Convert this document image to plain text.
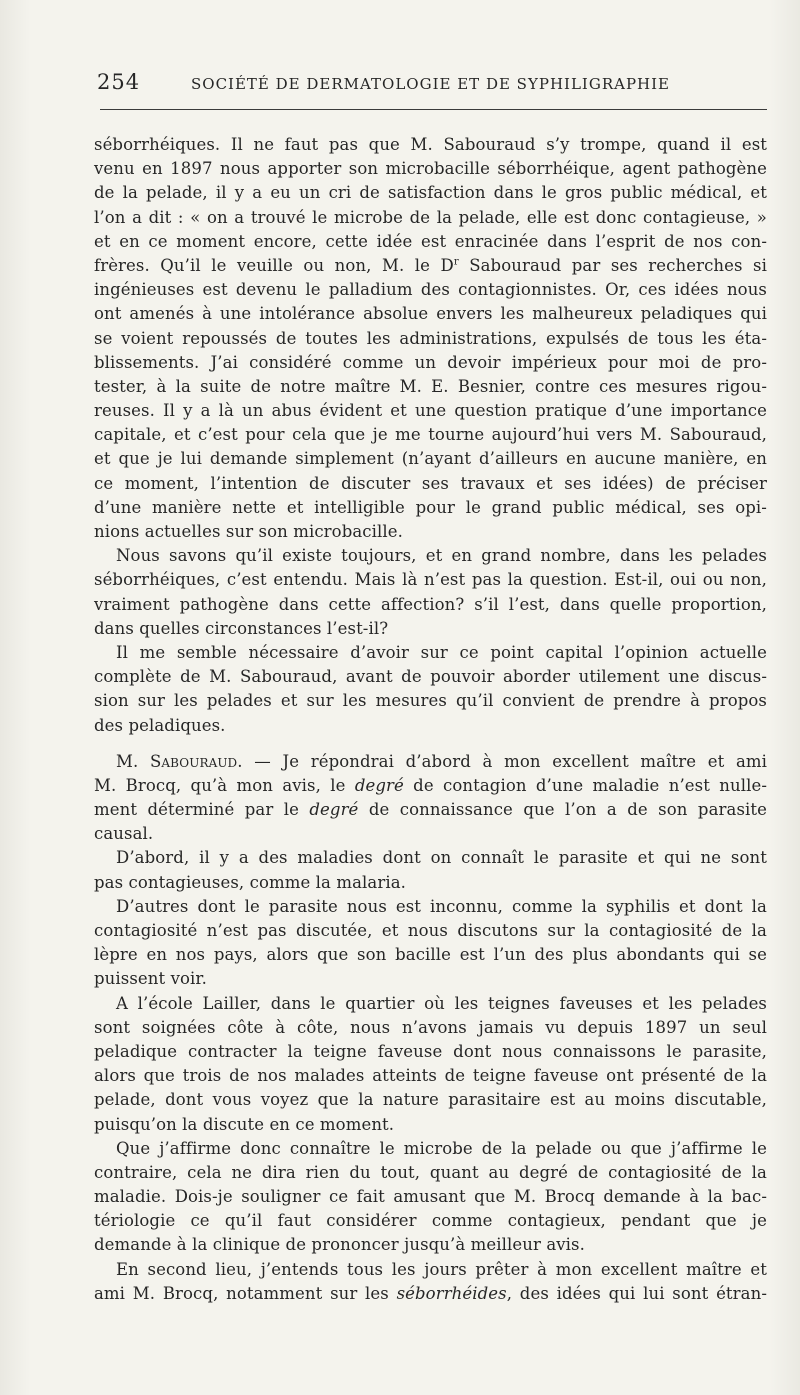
254	SOCIÉTÉ DE DERMATOLOGIE ET DE SYPHILIGRAPHIE
séborrhéiques. Il ne faut pas que M. Sabouraud s’y trompe, quand il est
venu en 1897 nous apporter son microbacille séborrhéique, agent pathogène
de la pelade, il y a eu un cri de satisfaction dans le gros public médical, et
l’on a dit : « on a trouvé le microbe de la pelade, elle est donc contagieuse, »
et en ce moment encore, cette idée est enracinée dans l’esprit de nos con-
frères. Qu’il le veuille ou non, M. le $D^r$ Sabouraud par ses recherches si
ingénieuses est devenu le palladium des contagionnistes. Or, ces idées nous
ont amenés à une intolérance absolue envers les malheureux peladiques qui
se voient repoussés de toutes les administrations, expulsés de tous les éta-
blissements. J’ai considéré comme un devoir impérieux pour moi de pro-
tester, à la suite de notre maître M. E. Besnier, contre ces mesures rigou-
reuses. Il y a là un abus évident et une question pratique d’une importance
capitale, et c’est pour cela que je me tourne aujourd’hui vers M. Sabouraud,
et que je lui demande simplement (n’ayant d’ailleurs en aucune manière, en
ce moment, l’intention de discuter ses travaux et ses idées) de préciser
d’une manière nette et intelligible pour le grand public médical, ses opi-
nions actuelles sur son microbacille.
Nous savons qu’il existe toujours, et en grand nombre, dans les pelades
séborrhéiques, c’est entendu. Mais là n’est pas la question. Est-il, oui ou non,
vraiment pathogène dans cette affection? s’il l’est, dans quelle proportion,
dans quelles circonstances l’est-il?
Il me semble nécessaire d’avoir sur ce point capital l’opinion actuelle
complète de M. Sabouraud, avant de pouvoir aborder utilement une discus-
sion sur les pelades et sur les mesures qu’il convient de prendre à propos
des peladiques.
M. Sabouraud. — Je répondrai d’abord à mon excellent maître et ami
M. Brocq, qu’à mon avis, le degré de contagion d’une maladie n’est nulle-
ment déterminé par le degré de connaissance que l’on a de son parasite
causal.
D’abord, il y a des maladies dont on connaît le parasite et qui ne sont
pas contagieuses, comme la malaria.
D’autres dont le parasite nous est inconnu, comme la syphilis et dont la
contagiosité n’est pas discutée, et nous discutons sur la contagiosité de la
lèpre en nos pays, alors que son bacille est l’un des plus abondants qui se
puissent voir.
A l’école Lailler, dans le quartier où les teignes faveuses et les pelades
sont soignées côte à côte, nous n’avons jamais vu depuis 1897 un seul
peladique contracter la teigne faveuse dont nous connaissons le parasite,
alors que trois de nos malades atteints de teigne faveuse ont présenté de la
pelade, dont vous voyez que la nature parasitaire est au moins discutable,
puisqu’on la discute en ce moment.
Que j’affirme donc connaître le microbe de la pelade ou que j’affirme le
contraire, cela ne dira rien du tout, quant au degré de contagiosité de la
maladie. Dois-je souligner ce fait amusant que M. Brocq demande à la bac-
tériologie ce qu’il faut considérer comme contagieux, pendant que je
demande à la clinique de prononcer jusqu’à meilleur avis.
En second lieu, j’entends tous les jours prêter à mon excellent maître et
ami M. Brocq, notamment sur les séborrhéides, des idées qui lui sont étran-
